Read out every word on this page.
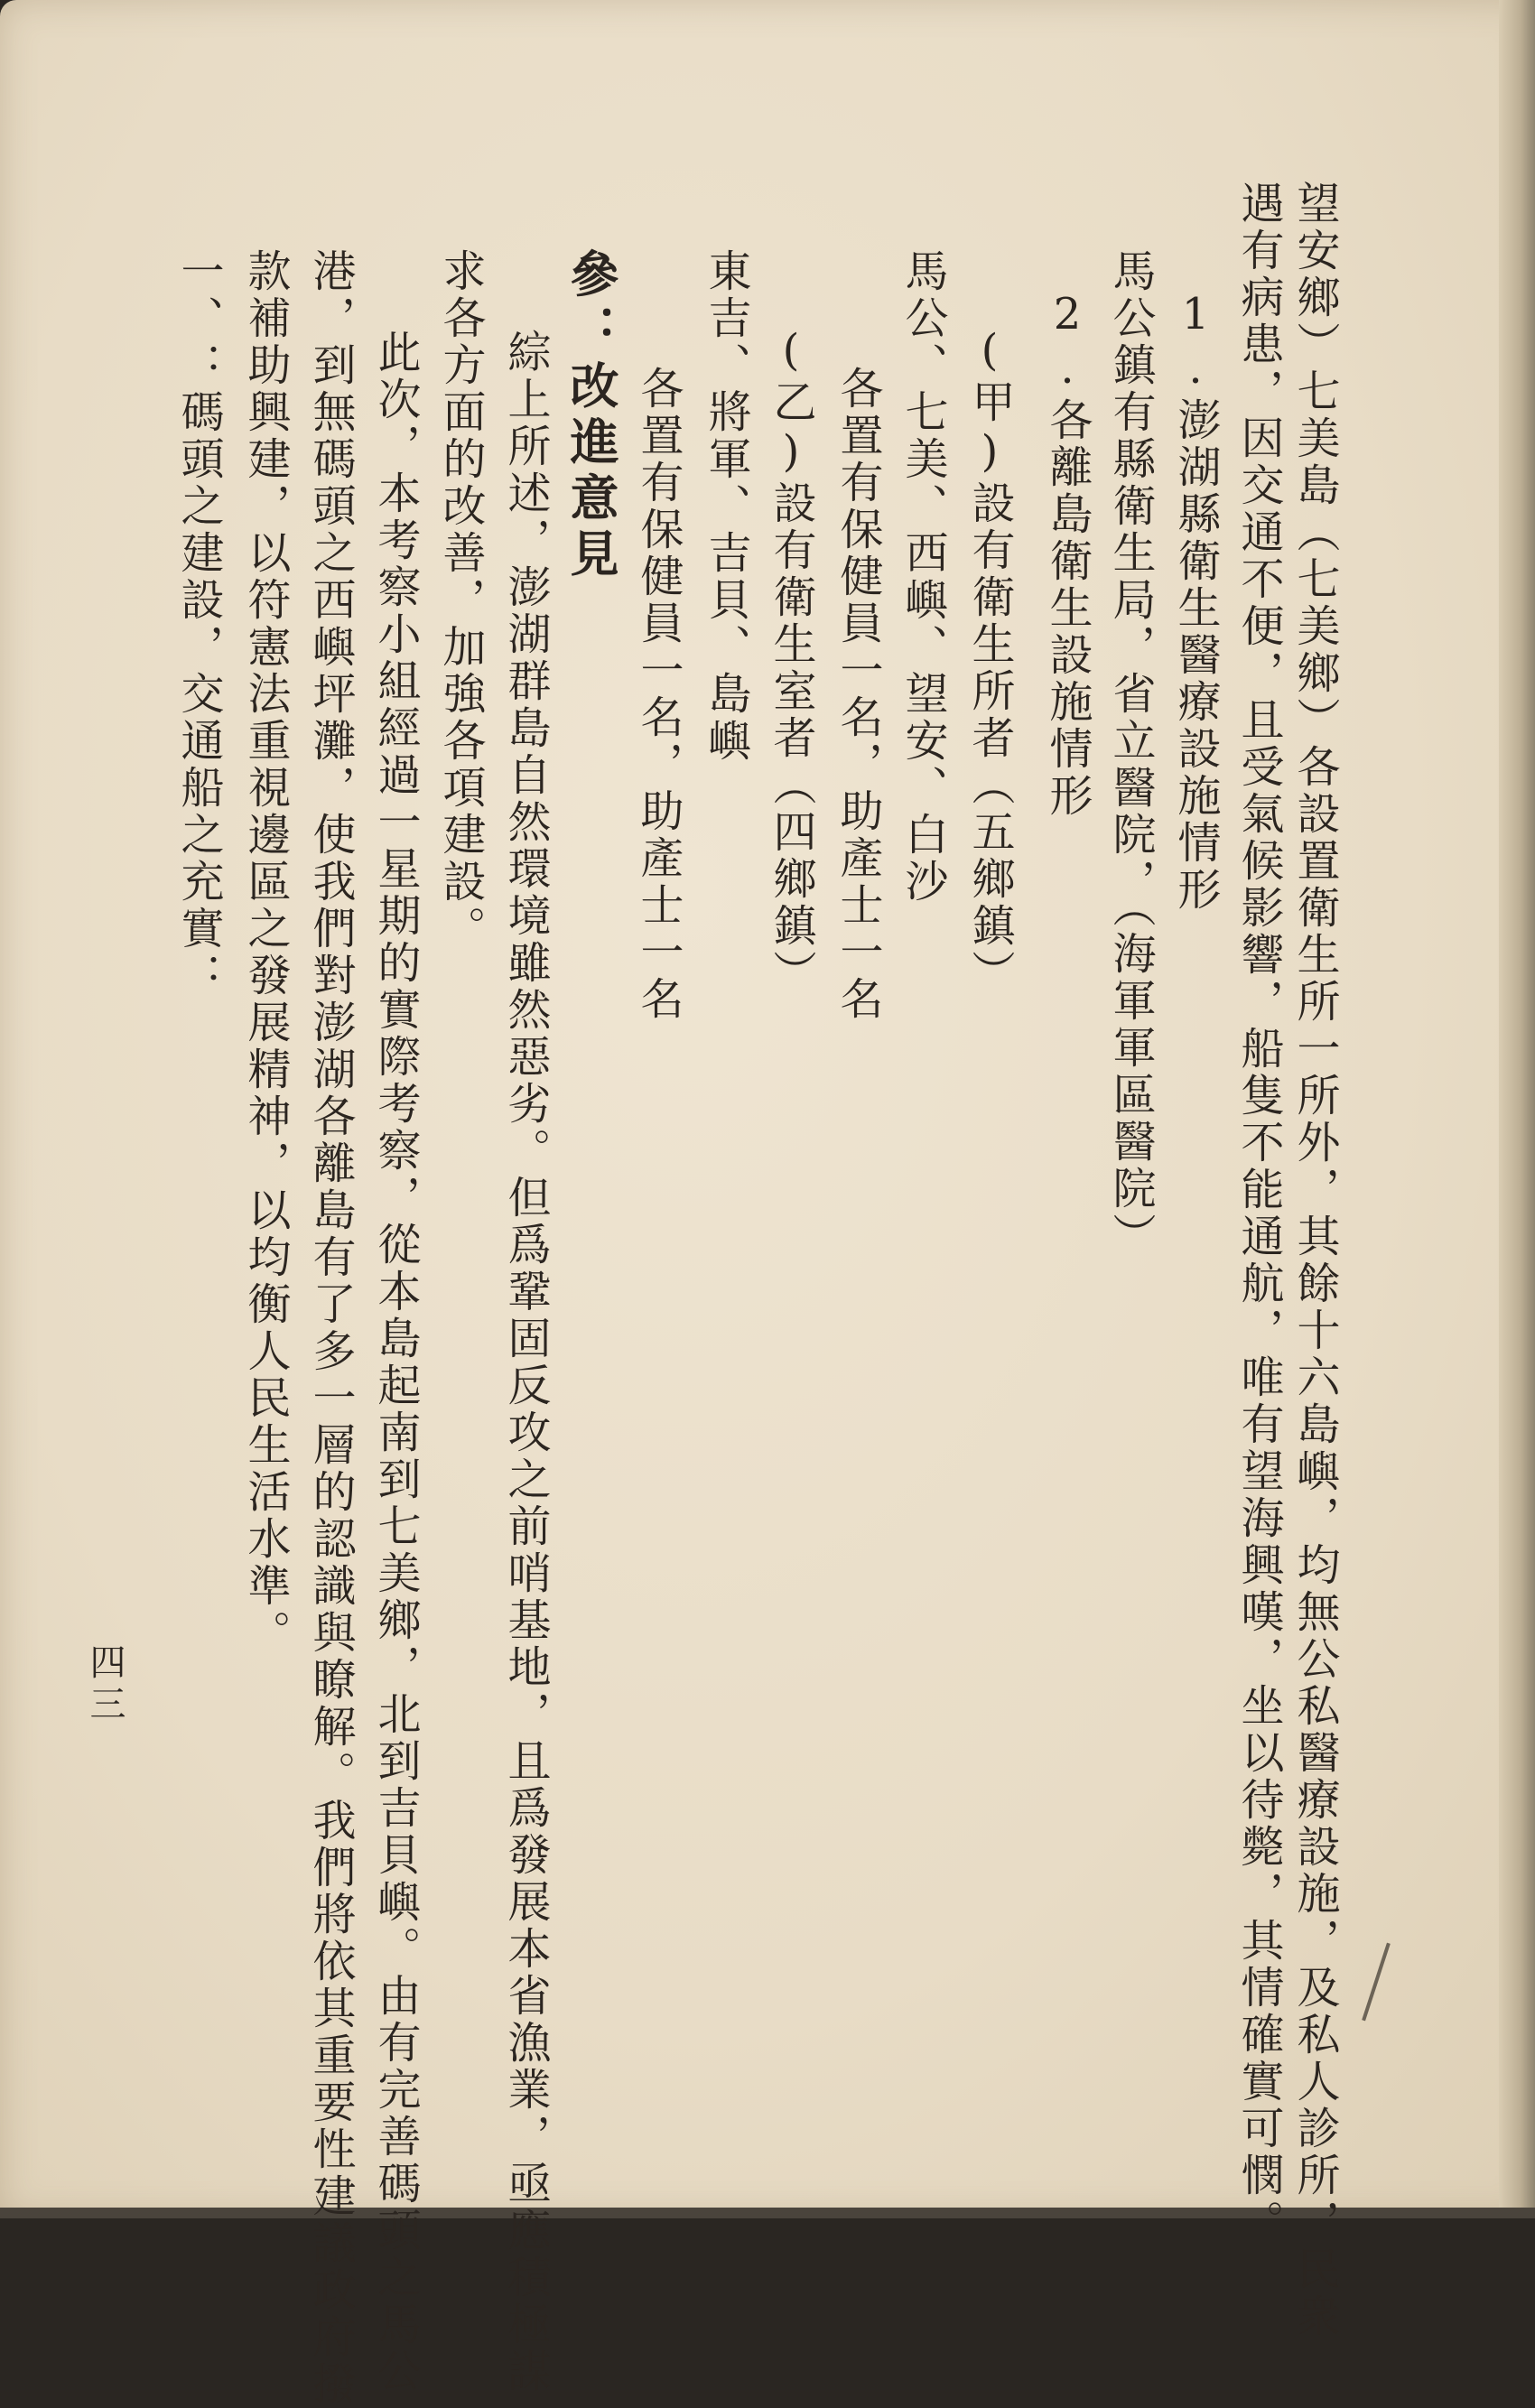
望安鄉）七美島（七美鄉）各設置衛生所一所外，其餘十六島嶼，均無公私醫療設施，及私人診所，民衆

遇有病患，因交通不便，且受氣候影響，船隻不能通航，唯有望海興嘆，坐以待斃，其情確實可憫。

1.澎湖縣衛生醫療設施情形

馬公鎮有縣衛生局，省立醫院，（海軍軍區醫院）

2.各離島衛生設施情形

(甲)設有衛生所者（五鄉鎮）

馬公、七美、西嶼、望安、白沙

各置有保健員一名，助產士一名

(乙)設有衛生室者（四鄉鎮）

東吉、將軍、吉貝、島嶼

各置有保健員一名，助產士一名

參：改進意見

綜上所述，澎湖群島自然環境雖然惡劣。但爲鞏固反攻之前哨基地，且爲發展本省漁業，亟應積極謀

求各方面的改善，加強各項建設。

此次，本考察小組經過一星期的實際考察，從本島起南到七美鄉，北到吉貝嶼。由有完善碼頭之馬公

港，到無碼頭之西嶼坪灘，使我們對澎湖各離島有了多一層的認識與瞭解。我們將依其重要性建議政府撥

款補助興建，以符憲法重視邊區之發展精神，以均衡人民生活水準。

一、：碼頭之建設，交通船之充實：

四三
